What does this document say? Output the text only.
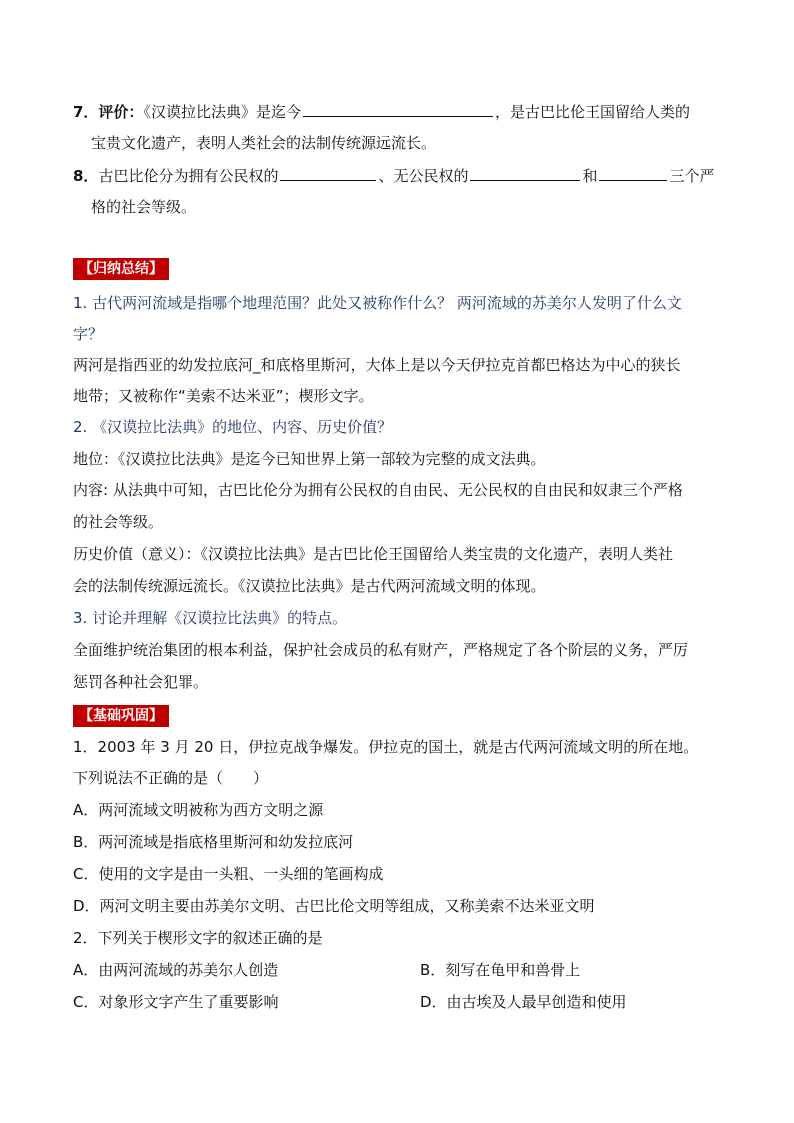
7．评价：《汉谟拉比法典》是迄今	，是古巴比伦王国留给人类的
宝贵文化遗产，表明人类社会的法制传统源远流长。
8．古巴比伦分为拥有公民权的	、无公民权的	和	三个严
格的社会等级。
【归纳总结】
1. 古代两河流域是指哪个地理范围？此处又被称作什么？ 两河流域的苏美尔人发明了什么文
字？
两河是指西亚的幼发拉底河_和底格里斯河，大体上是以今天伊拉克首都巴格达为中心的狭长
地带；又被称作“美索不达米亚”；楔形文字。
2. 《汉谟拉比法典》的地位、内容、历史价值？
地位：《汉谟拉比法典》是迄今已知世界上第一部较为完整的成文法典。
内容: 从法典中可知，古巴比伦分为拥有公民权的自由民、无公民权的自由民和奴隶三个严格
的社会等级。
历史价值（意义）：《汉谟拉比法典》是古巴比伦王国留给人类宝贵的文化遗产，表明人类社
会的法制传统源远流长。《汉谟拉比法典》是古代两河流域文明的体现。
3. 讨论并理解《汉谟拉比法典》的特点。
全面维护统治集团的根本利益，保护社会成员的私有财产，严格规定了各个阶层的义务，严厉
惩罚各种社会犯罪。
【基础巩固】
1．2003 年 3 月 20 日，伊拉克战争爆发。伊拉克的国土，就是古代两河流域文明的所在地。
下列说法不正确的是（　　）
A．两河流域文明被称为西方文明之源
B．两河流域是指底格里斯河和幼发拉底河
C．使用的文字是由一头粗、一头细的笔画构成
D．两河文明主要由苏美尔文明、古巴比伦文明等组成，又称美索不达米亚文明
2．下列关于楔形文字的叙述正确的是
A．由两河流域的苏美尔人创造	B．刻写在龟甲和兽骨上
C．对象形文字产生了重要影响	D．由古埃及人最早创造和使用
